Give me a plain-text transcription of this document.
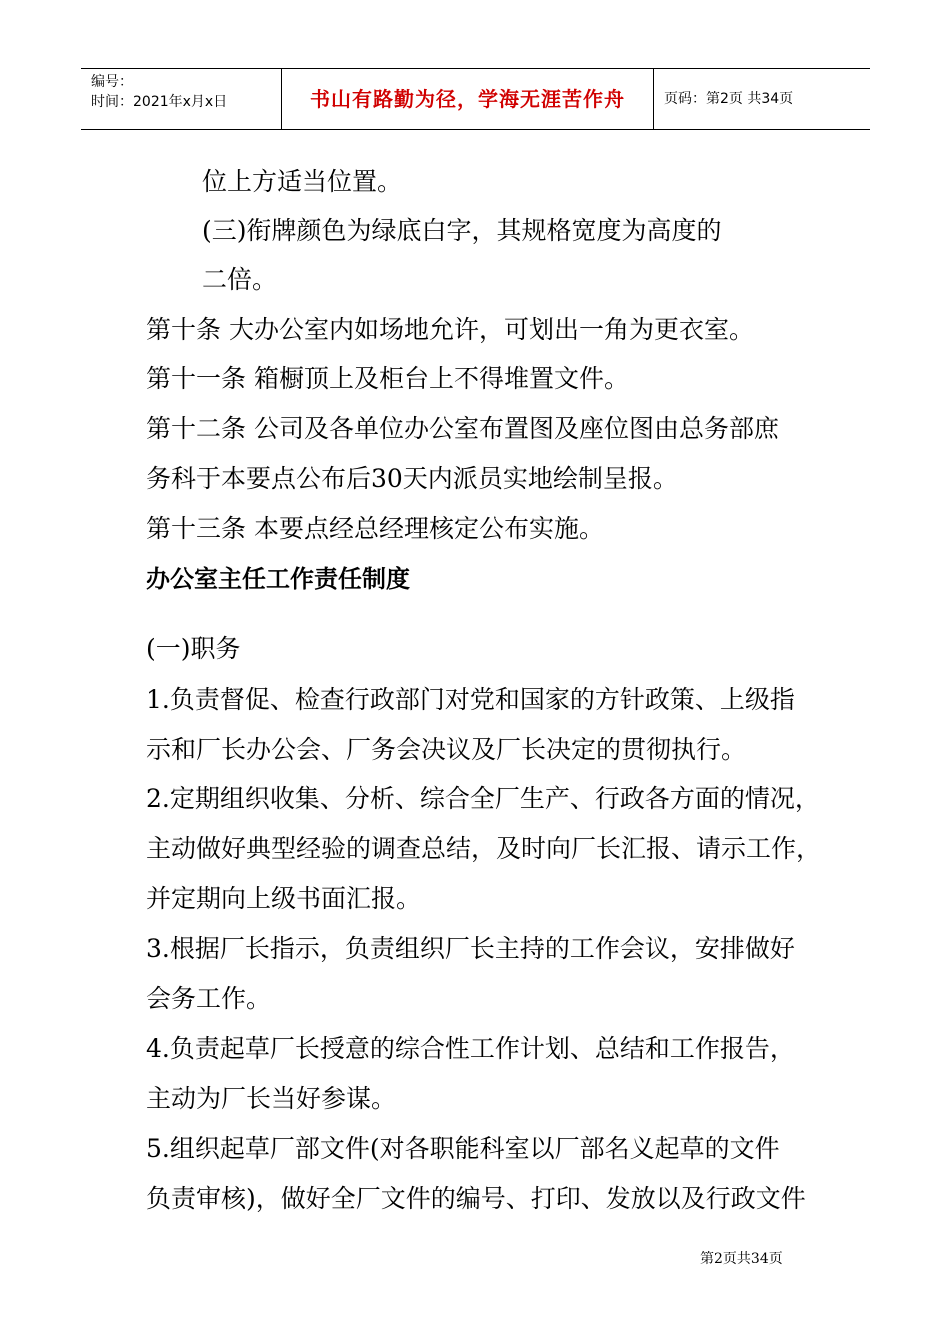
编号：
时间：2021年x月x日	书山有路勤为径，学海无涯苦作舟	页码：第2页 共34页
位上方适当位置。
(三)衔牌颜色为绿底白字，其规格宽度为高度的
二倍。
第十条 大办公室内如场地允许，可划出一角为更衣室。
第十一条 箱橱顶上及柜台上不得堆置文件。
第十二条 公司及各单位办公室布置图及座位图由总务部庶
务科于本要点公布后30天内派员实地绘制呈报。
第十三条 本要点经总经理核定公布实施。
办公室主任工作责任制度
(一)职务
1.负责督促、检查行政部门对党和国家的方针政策、上级指
示和厂长办公会、厂务会决议及厂长决定的贯彻执行。
2.定期组织收集、分析、综合全厂生产、行政各方面的情况，
主动做好典型经验的调查总结，及时向厂长汇报、请示工作，
并定期向上级书面汇报。
3.根据厂长指示，负责组织厂长主持的工作会议，安排做好
会务工作。
4.负责起草厂长授意的综合性工作计划、总结和工作报告，
主动为厂长当好参谋。
5.组织起草厂部文件(对各职能科室以厂部名义起草的文件
负责审核)，做好全厂文件的编号、打印、发放以及行政文件
第2页共34页
